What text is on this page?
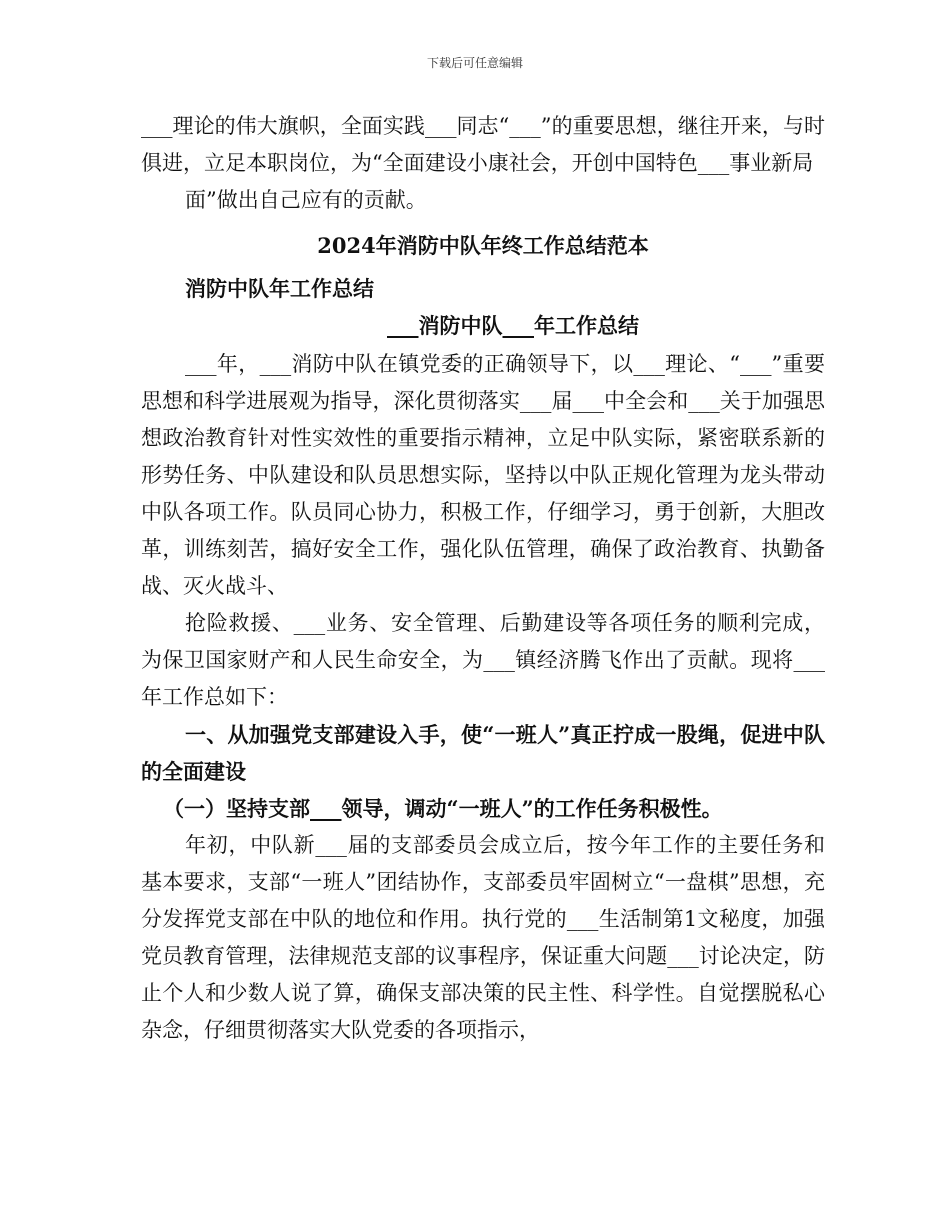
下载后可任意编辑

___理论的伟大旗帜，全面实践___同志“___”的重要思想，继往开来，与时俱进，立足本职岗位，为“全面建设小康社会，开创中国特色___事业新局

面”做出自己应有的贡献。

2024年消防中队年终工作总结范本

消防中队年工作总结

___消防中队___年工作总结

___年，___消防中队在镇党委的正确领导下，以___理论、“___”重要思想和科学进展观为指导，深化贯彻落实___届___中全会和___关于加强思想政治教育针对性实效性的重要指示精神，立足中队实际，紧密联系新的形势任务、中队建设和队员思想实际，坚持以中队正规化管理为龙头带动中队各项工作。队员同心协力，积极工作，仔细学习，勇于创新，大胆改革，训练刻苦，搞好安全工作，强化队伍管理，确保了政治教育、执勤备战、灭火战斗、

抢险救援、___业务、安全管理、后勤建设等各项任务的顺利完成，为保卫国家财产和人民生命安全，为___镇经济腾飞作出了贡献。现将___年工作总如下：

一、从加强党支部建设入手，使“一班人”真正拧成一股绳，促进中队的全面建设

（一）坚持支部___领导，调动“一班人”的工作任务积极性。

年初，中队新___届的支部委员会成立后，按今年工作的主要任务和基本要求，支部“一班人”团结协作，支部委员牢固树立“一盘棋”思想，充分发挥党支部在中队的地位和作用。执行党的___生活制第1文秘度，加强党员教育管理，法律规范支部的议事程序，保证重大问题___讨论决定，防止个人和少数人说了算，确保支部决策的民主性、科学性。自觉摆脱私心杂念，仔细贯彻落实大队党委的各项指示，
